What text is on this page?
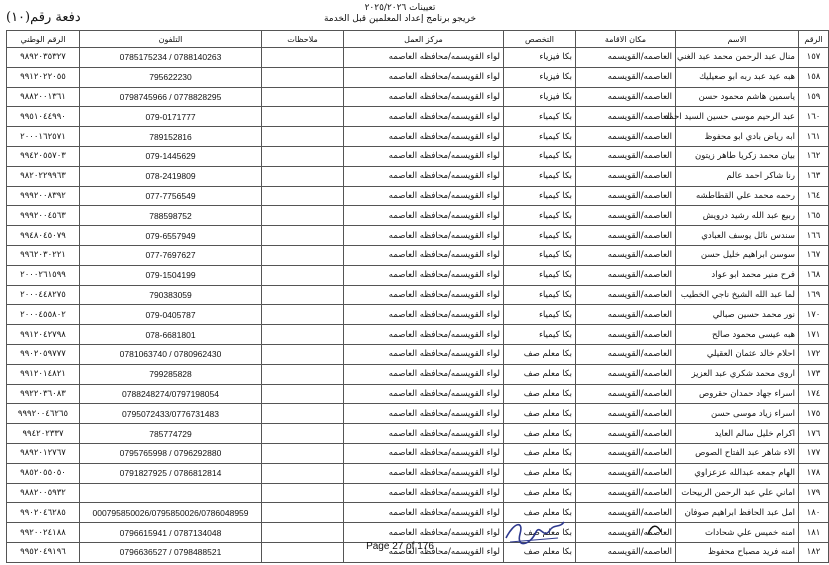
دفعة رقم(١٠)
تعيينات ٢٠٢٥/٢٠٢٦
خريجو برنامج إعداد المعلمين قبل الخدمة
الرقم الوطني	التلفون	ملاحظات	مركز العمل	التخصص	مكان الاقامة	الاسم	الرقم
٩٨٩٢٠٣٥٣٢٧	0785175234 / 0788140263		لواء القويسمه/محافظه العاصمه	بكا فيزياء	العاصمه/القويسمه	منال عبد الرحمن محمد عبد الغني	١٥٧
٩٩١٢٠٢٢٠٥٥	795622230		لواء القويسمه/محافظه العاصمه	بكا فيزياء	العاصمه/القويسمه	هبه عيد عبد ربه ابو صعيليك	١٥٨
٩٨٨٢٠٠١٣٦١	0798745966 / 0778828295		لواء القويسمه/محافظه العاصمه	بكا فيزياء	العاصمه/القويسمه	ياسمين هاشم محمود حسن	١٥٩
٩٩٥١٠٤٤٩٩٠	079-0171777		لواء القويسمه/محافظه العاصمه	بكا كيمياء	العاصمه/القويسمه	عبد الرحيم موسى حسين السيد احمد	١٦٠
٢٠٠٠١٦٢٥٧١	789152816		لواء القويسمه/محافظه العاصمه	بكا كيمياء	العاصمه/القويسمه	ابه رياض بادي ابو محفوظ	١٦١
٩٩٤٢٠٥٥٧٠٣	079-1445629		لواء القويسمه/محافظه العاصمه	بكا كيمياء	العاصمه/القويسمه	بيان محمد زكريا طاهر زيتون	١٦٢
٩٨٢٠٢٢٩٩٦٣	078-2419809		لواء القويسمه/محافظه العاصمه	بكا كيمياء	العاصمه/القويسمه	رنا شاكر احمد عالم	١٦٣
٩٩٩٢٠٠٨٣٩٢	077-7756549		لواء القويسمه/محافظه العاصمه	بكا كيمياء	العاصمه/القويسمه	رحمه محمد علي القطاطشه	١٦٤
٩٩٩٢٠٠٤٥٦٣	788598752		لواء القويسمه/محافظه العاصمه	بكا كيمياء	العاصمه/القويسمه	ربيع عبد الله رشيد درويش	١٦٥
٩٩٤٨٠٤٥٠٧٩	079-6557949		لواء القويسمه/محافظه العاصمه	بكا كيمياء	العاصمه/القويسمه	سندس نائل يوسف العبادي	١٦٦
٩٩٦٢٠٣٠٢٢١	077-7697627		لواء القويسمه/محافظه العاصمه	بكا كيمياء	العاصمه/القويسمه	سوسن ابراهيم خليل حسن	١٦٧
٢٠٠٠٢٦١٥٩٩	079-1504199		لواء القويسمه/محافظه العاصمه	بكا كيمياء	العاصمه/القويسمه	فرح منير محمد ابو عواد	١٦٨
٢٠٠٠٤٤٨٢٧٥	790383059		لواء القويسمه/محافظه العاصمه	بكا كيمياء	العاصمه/القويسمه	لما عبد الله الشيخ ناجي الخطيب	١٦٩
٢٠٠٠٤٥٥٨٠٢	079-0405787		لواء القويسمه/محافظه العاصمه	بكا كيمياء	العاصمه/القويسمه	نور محمد حسين صبالي	١٧٠
٩٩١٢٠٤٢٧٩٨	078-6681801		لواء القويسمه/محافظه العاصمه	بكا كيمياء	العاصمه/القويسمه	هبه عيسى محمود صالح	١٧١
٩٩٠٢٠٥٩٧٧٧	0781063740 / 0780962430		لواء القويسمه/محافظه العاصمه	بكا معلم صف	العاصمه/القويسمه	احلام خالد عثمان العقيلي	١٧٢
٩٩١٢٠١٤٨٢١	799285828		لواء القويسمه/محافظه العاصمه	بكا معلم صف	العاصمه/القويسمه	اروى محمد شكري عبد العزيز	١٧٣
٩٩٢٢٠٣٦٠٨٣	0788248274/0797198054		لواء القويسمه/محافظه العاصمه	بكا معلم صف	العاصمه/القويسمه	اسراء جهاد حمدان حقروص	١٧٤
٩٩٩٢٠٠٤٦٢٦٥	0795072433/0776731483		لواء القويسمه/محافظه العاصمه	بكا معلم صف	العاصمه/القويسمه	اسراء زياد موسى حسن	١٧٥
٩٩٤٢٠٢٣٣٧	785774729		لواء القويسمه/محافظه العاصمه	بكا معلم صف	العاصمه/القويسمه	اكرام خليل سالم العايد	١٧٦
٩٨٩٢٠١٢٧٦٧	0795765998 / 0796292880		لواء القويسمه/محافظه العاصمه	بكا معلم صف	العاصمه/القويسمه	الاء شاهر عبد الفتاح الصوص	١٧٧
٩٨٥٢٠٥٥٠٥٠	0791827925 / 0786812814		لواء القويسمه/محافظه العاصمه	بكا معلم صف	العاصمه/القويسمه	الهام جمعه عبدالله عزعزاوي	١٧٨
٩٨٨٢٠٠٥٩٣٢			لواء القويسمه/محافظه العاصمه	بكا معلم صف	العاصمه/القويسمه	اماني علي عبد الرحمن الربيحات	١٧٩
٩٩٠٢٠٤٦٢٨٥	000795850026/0795850026/0786048959		لواء القويسمه/محافظه العاصمه	بكا معلم صف	العاصمه/القويسمه	امل عبد الحافظ ابراهيم صوفان	١٨٠
٩٩٢٠٠٢٤١٨٨	0796615941 / 0787134048		لواء القويسمه/محافظه العاصمه	بكا معلم صف	العاصمه/القويسمه	امنه خميس علي شحادات	١٨١
٩٩٥٢٠٤٩١٩٦	0796636527 / 0798488521		لواء القويسمه/محافظه العاصمه	بكا معلم صف	العاصمه/القويسمه	امنه فريد مصباح محفوظ	١٨٢
Page 27 of 176
